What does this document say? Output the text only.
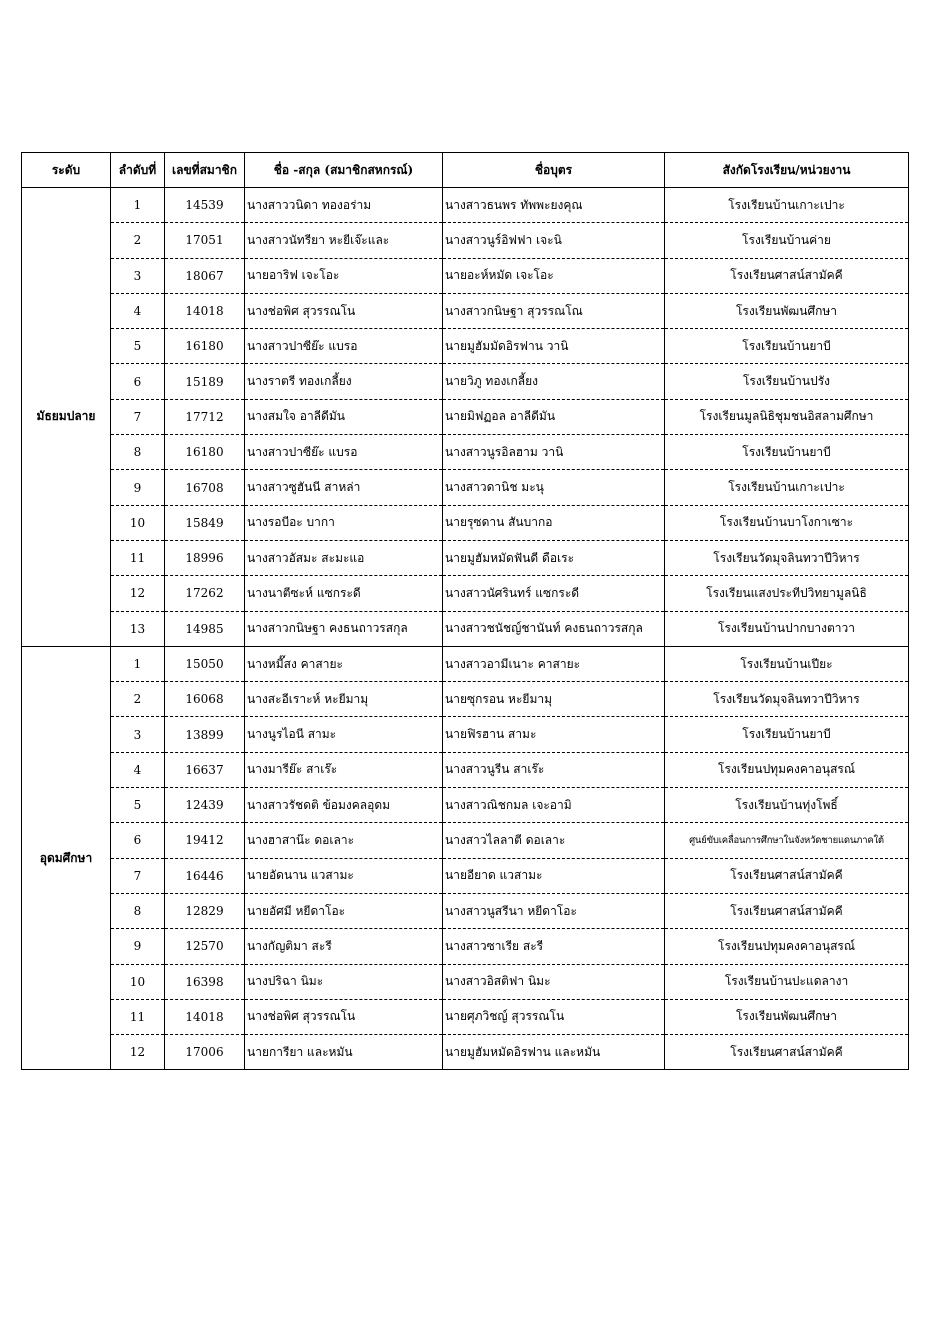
ระดับ	ลำดับที่	เลขที่สมาชิก	ชื่อ -สกุล (สมาชิกสหกรณ์)	ชื่อบุตร	สังกัดโรงเรียน/หน่วยงาน
มัธยมปลาย	1	14539	นางสาววนิดา ทองอร่าม	นางสาวธนพร ทัพพะยงคุณ	โรงเรียนบ้านเกาะเปาะ
	2	17051	นางสาวนัทรียา หะยีเจ๊ะและ	นางสาวนูร์อิฟฟา เจะนิ	โรงเรียนบ้านค่าย
	3	18067	นายอาริฟ เจะโอะ	นายอะห์หมัด เจะโอะ	โรงเรียนศาสน์สามัคคี
	4	14018	นางช่อพิศ สุวรรณโน	นางสาวกนิษฐา สุวรรณโณ	โรงเรียนพัฒนศึกษา
	5	16180	นางสาวปาซีย๊ะ แบรอ	นายมูฮัมมัดอิรฟาน วานิ	โรงเรียนบ้านยาบี
	6	15189	นางราตรี ทองเกลี้ยง	นายวิภู ทองเกลี้ยง	โรงเรียนบ้านปรัง
	7	17712	นางสมใจ อาลีดีมัน	นายมิฟฏอล อาลีดีมัน	โรงเรียนมูลนิธิชุมชนอิสลามศึกษา
	8	16180	นางสาวปาซีย๊ะ แบรอ	นางสาวนูรอิลฮาม วานิ	โรงเรียนบ้านยาบี
	9	16708	นางสาวซูฮันนี สาหล่า	นางสาวดานิช มะนุ	โรงเรียนบ้านเกาะเปาะ
	10	15849	นางรอบีอะ บากา	นายรุซดาน สันบากอ	โรงเรียนบ้านบาโงกาเซาะ
	11	18996	นางสาวอัสมะ สะมะแอ	นายมูฮัมหมัดฟันดี ดือเระ	โรงเรียนวัดมุจลินทวาปีวิหาร
	12	17262	นางนาตีซะห์ แซกระดี	นางสาวนัศรินทร์ แซกระดี	โรงเรียนแสงประทีปวิทยามูลนิธิ
	13	14985	นางสาวกนิษฐา คงธนถาวรสกุล	นางสาวชนัชญ์ชานันท์ คงธนถาวรสกุล	โรงเรียนบ้านปากบางตาวา
อุดมศึกษา	1	15050	นางหมี๊สง คาสายะ	นางสาวอามีเนาะ คาสายะ	โรงเรียนบ้านเปียะ
	2	16068	นางสะอีเราะห์ หะยีมามุ	นายซุกรอน หะยีมามุ	โรงเรียนวัดมุจลินทวาปีวิหาร
	3	13899	นางนูรไอนี สามะ	นายฟิรฮาน สามะ	โรงเรียนบ้านยาบี
	4	16637	นางมารีย๊ะ สาเร๊ะ	นางสาวนูรีน สาเร๊ะ	โรงเรียนปทุมคงคาอนุสรณ์
	5	12439	นางสาวรัชดติ ข้อมงคลอุดม	นางสาวณิชกมล เจะอามิ	โรงเรียนบ้านทุ่งโพธิ์
	6	19412	นางฮาสาน๊ะ ดอเลาะ	นางสาวไลลาตี ดอเลาะ	ศูนย์ขับเคลื่อนการศึกษาในจังหวัดชายแดนภาคใต้
	7	16446	นายอัดนาน แวสามะ	นายอียาด แวสามะ	โรงเรียนศาสน์สามัคคี
	8	12829	นายอัศมี หยีดาโอะ	นางสาวนูสรีนา หยีดาโอะ	โรงเรียนศาสน์สามัคคี
	9	12570	นางกัญติมา สะรี	นางสาวซาเรีย สะรี	โรงเรียนปทุมคงคาอนุสรณ์
	10	16398	นางปริฉา นิมะ	นางสาวอิสติฟา นิมะ	โรงเรียนบ้านปะแดลางา
	11	14018	นางช่อพิศ สุวรรณโน	นายศุภวิชญ์ สุวรรณโน	โรงเรียนพัฒนศึกษา
	12	17006	นายการียา และหมัน	นายมูฮัมหมัดอิรฟาน และหมัน	โรงเรียนศาสน์สามัคคี
